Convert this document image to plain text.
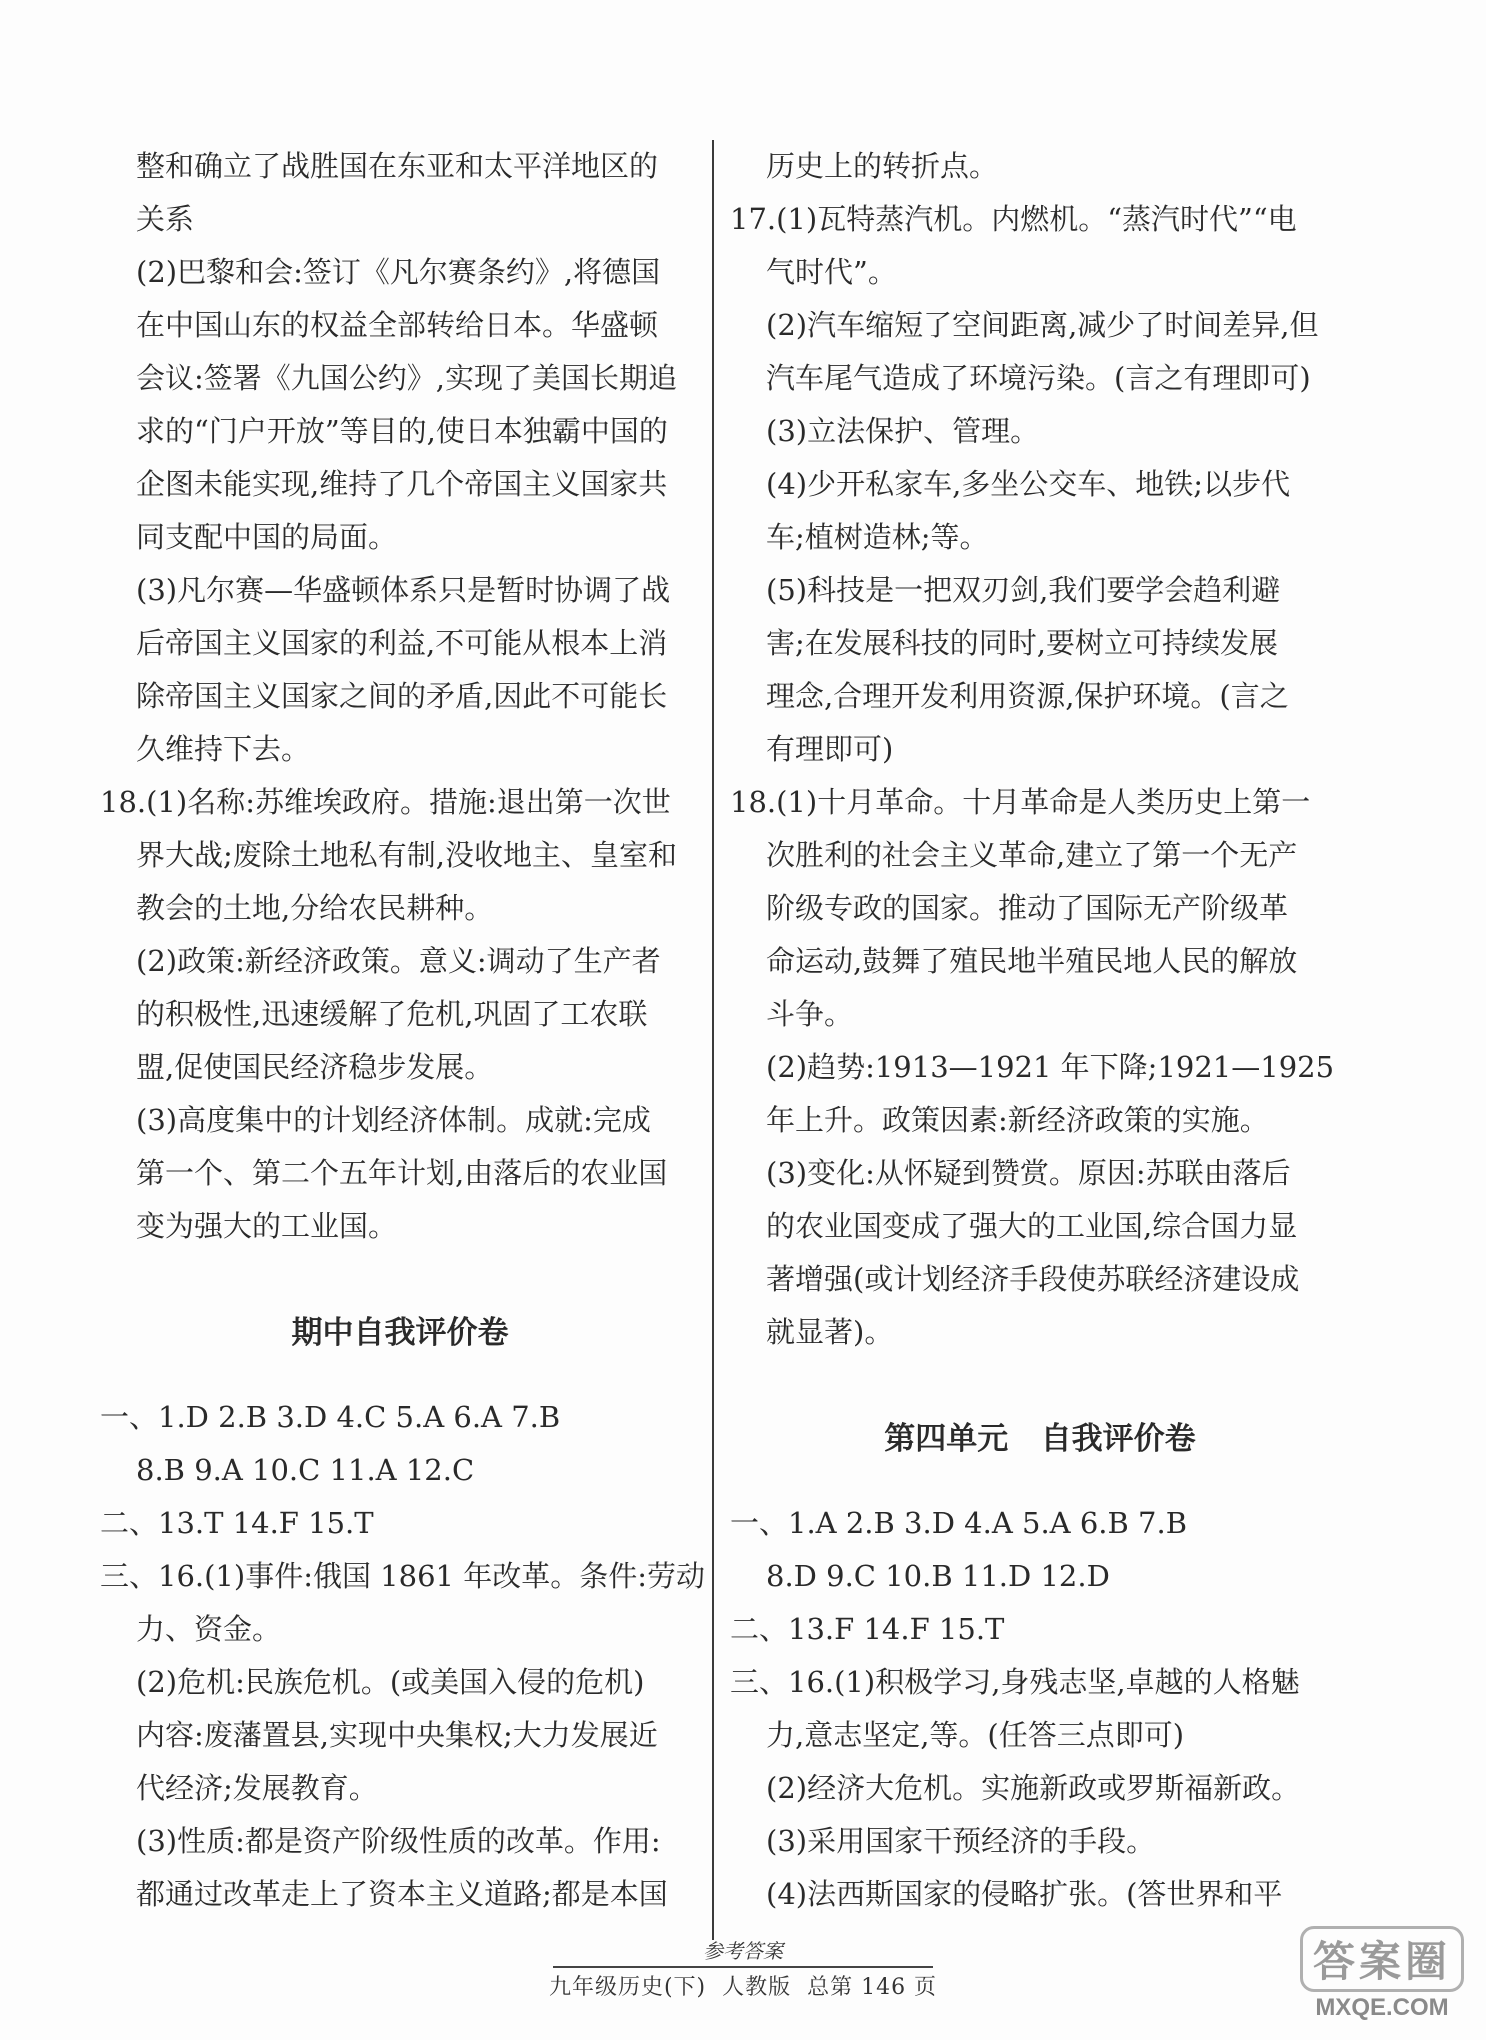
整和确立了战胜国在东亚和太平洋地区的
关系
(2)巴黎和会:签订《凡尔赛条约》,将德国
在中国山东的权益全部转给日本。华盛顿
会议:签署《九国公约》,实现了美国长期追
求的“门户开放”等目的,使日本独霸中国的
企图未能实现,维持了几个帝国主义国家共
同支配中国的局面。
(3)凡尔赛—华盛顿体系只是暂时协调了战
后帝国主义国家的利益,不可能从根本上消
除帝国主义国家之间的矛盾,因此不可能长
久维持下去。
18.(1)名称:苏维埃政府。措施:退出第一次世
界大战;废除土地私有制,没收地主、皇室和
教会的土地,分给农民耕种。
(2)政策:新经济政策。意义:调动了生产者
的积极性,迅速缓解了危机,巩固了工农联
盟,促使国民经济稳步发展。
(3)高度集中的计划经济体制。成就:完成
第一个、第二个五年计划,由落后的农业国
变为强大的工业国。
期中自我评价卷
一、1.D 2.B 3.D 4.C 5.A 6.A 7.B
8.B 9.A 10.C 11.A 12.C
二、13.T 14.F 15.T
三、16.(1)事件:俄国 1861 年改革。条件:劳动
力、资金。
(2)危机:民族危机。(或美国入侵的危机)
内容:废藩置县,实现中央集权;大力发展近
代经济;发展教育。
(3)性质:都是资产阶级性质的改革。作用:
都通过改革走上了资本主义道路;都是本国
历史上的转折点。
17.(1)瓦特蒸汽机。内燃机。“蒸汽时代”“电
气时代”。
(2)汽车缩短了空间距离,减少了时间差异,但
汽车尾气造成了环境污染。(言之有理即可)
(3)立法保护、管理。
(4)少开私家车,多坐公交车、地铁;以步代
车;植树造林;等。
(5)科技是一把双刃剑,我们要学会趋利避
害;在发展科技的同时,要树立可持续发展
理念,合理开发利用资源,保护环境。(言之
有理即可)
18.(1)十月革命。十月革命是人类历史上第一
次胜利的社会主义革命,建立了第一个无产
阶级专政的国家。推动了国际无产阶级革
命运动,鼓舞了殖民地半殖民地人民的解放
斗争。
(2)趋势:1913—1921 年下降;1921—1925
年上升。政策因素:新经济政策的实施。
(3)变化:从怀疑到赞赏。原因:苏联由落后
的农业国变成了强大的工业国,综合国力显
著增强(或计划经济手段使苏联经济建设成
就显著)。
第四单元   自我评价卷
一、1.A 2.B 3.D 4.A 5.A 6.B 7.B
8.D 9.C 10.B 11.D 12.D
二、13.F 14.F 15.T
三、16.(1)积极学习,身残志坚,卓越的人格魅
力,意志坚定,等。(任答三点即可)
(2)经济大危机。实施新政或罗斯福新政。
(3)采用国家干预经济的手段。
(4)法西斯国家的侵略扩张。(答世界和平
参考答案
九年级历史(下)  人教版  总第 146 页
答案圈
MXQE.COM
